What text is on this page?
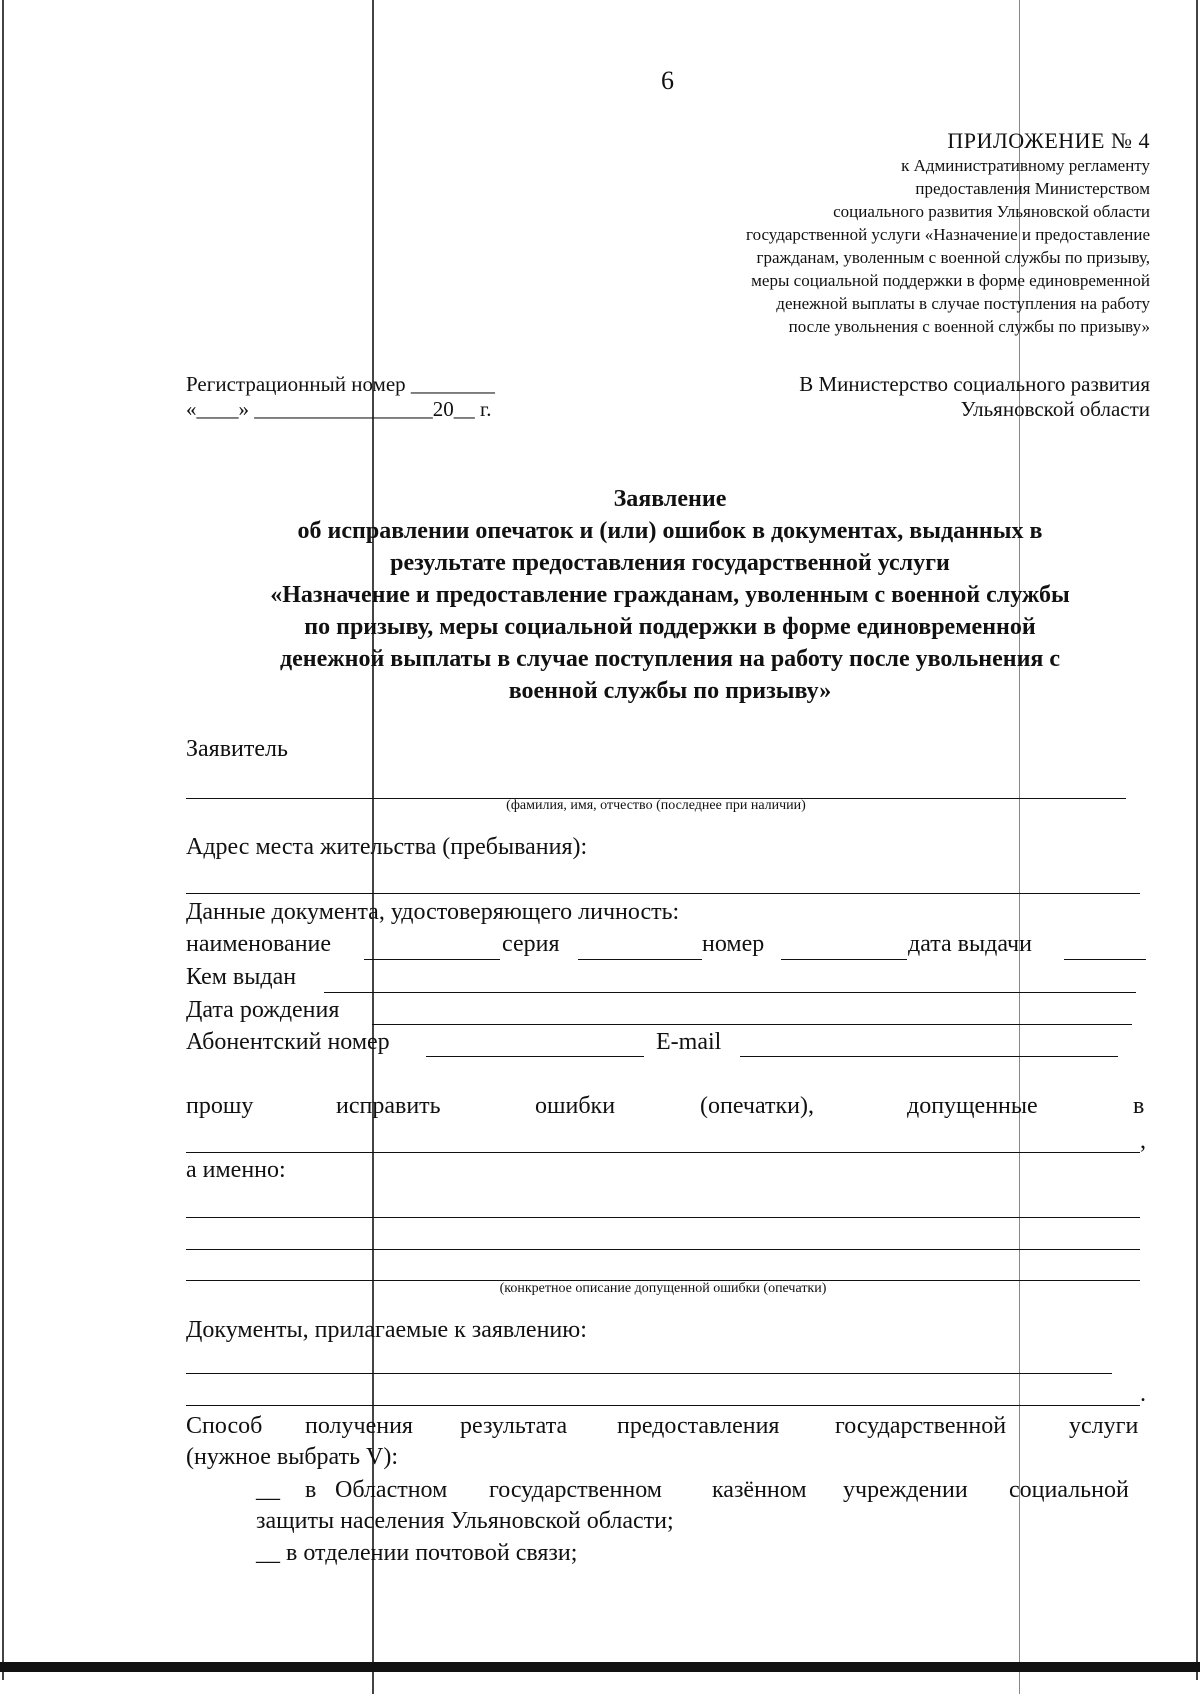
6
ПРИЛОЖЕНИЕ № 4
к Административному регламенту
предоставления Министерством
социального развития Ульяновской области
государственной услуги «Назначение и предоставление
гражданам, уволенным с военной службы по призыву,
меры социальной поддержки в форме единовременной
денежной выплаты в случае поступления на работу
после увольнения с военной службы по призыву»
Регистрационный номер ________
«____» _________________20__ г.
В Министерство социального развития
Ульяновской области
Заявление
об исправлении опечаток и (или) ошибок в документах, выданных в
результате предоставления государственной услуги
«Назначение и предоставление гражданам, уволенным с военной службы
по призыву, меры социальной поддержки в форме единовременной
денежной выплаты в случае поступления на работу после увольнения с
военной службы по призыву»
Заявитель
(фамилия, имя, отчество (последнее при наличии)
Адрес места жительства (пребывания):
Данные документа, удостоверяющего личность:
наименование	серия	номер	дата выдачи
Кем выдан
Дата рождения
Абонентский номер	E-mail
прошу	исправить	ошибки	(опечатки),	допущенные	в
,
а именно:
(конкретное описание допущенной ошибки (опечатки)
Документы, прилагаемые к заявлению:
.
Способ получения результата предоставления государственной	услуги
(нужное выбрать V):
__ в Областном государственном казённом учреждении социальной
защиты населения Ульяновской области;
__ в отделении почтовой связи;
